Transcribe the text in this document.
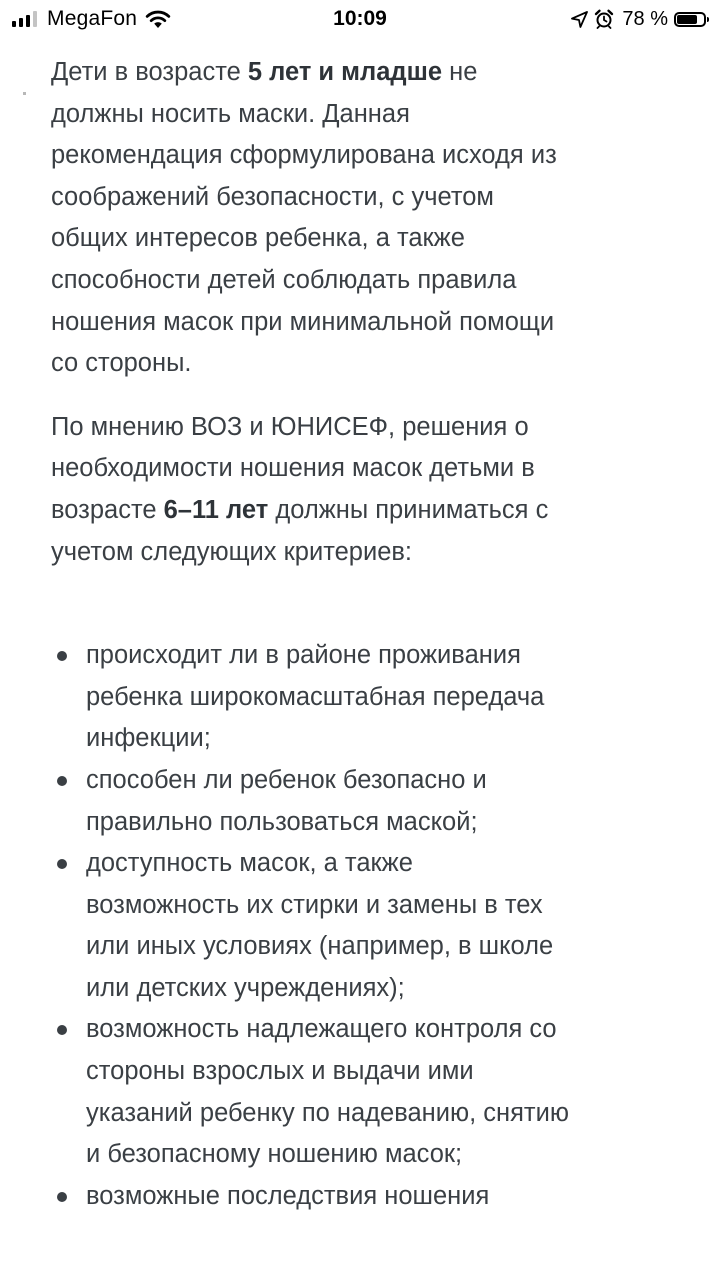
MegaFon	10:09	78 %

Дети в возрасте 5 лет и младше не должны носить маски. Данная рекомендация сформулирована исходя из соображений безопасности, с учетом общих интересов ребенка, а также способности детей соблюдать правила ношения масок при минимальной помощи со стороны.

По мнению ВОЗ и ЮНИСЕФ, решения о необходимости ношения масок детьми в возрасте 6–11 лет должны приниматься с учетом следующих критериев:

происходит ли в районе проживания ребенка широкомасштабная передача инфекции;
способен ли ребенок безопасно и правильно пользоваться маской;
доступность масок, а также возможность их стирки и замены в тех или иных условиях (например, в школе или детских учреждениях);
возможность надлежащего контроля со стороны взрослых и выдачи ими указаний ребенку по надеванию, снятию и безопасному ношению масок;
возможные последствия ношения
